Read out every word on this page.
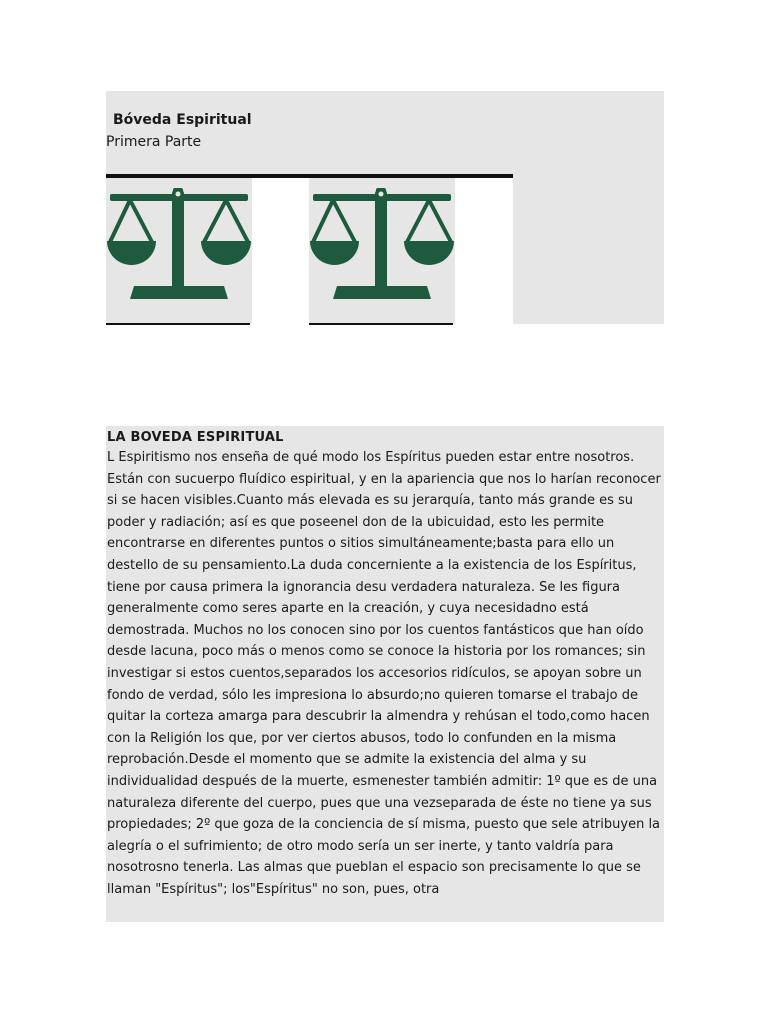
Bóveda Espiritual

Primera Parte

LA BOVEDA ESPIRITUAL

L Espiritismo nos enseña de qué modo los Espíritus pueden estar entre nosotros. Están con sucuerpo fluídico espiritual, y en la apariencia que nos lo harían reconocer si se hacen visibles.Cuanto más elevada es su jerarquía, tanto más grande es su poder y radiación; así es que poseenel don de la ubicuidad, esto les permite encontrarse en diferentes puntos o sitios simultáneamente;basta para ello un destello de su pensamiento.La duda concerniente a la existencia de los Espíritus, tiene por causa primera la ignorancia desu verdadera naturaleza. Se les figura generalmente como seres aparte en la creación, y cuya necesidadno está demostrada. Muchos no los conocen sino por los cuentos fantásticos que han oído desde lacuna, poco más o menos como se conoce la historia por los romances; sin investigar si estos cuentos,separados los accesorios ridículos, se apoyan sobre un fondo de verdad, sólo les impresiona lo absurdo;no quieren tomarse el trabajo de quitar la corteza amarga para descubrir la almendra y rehúsan el todo,como hacen con la Religión los que, por ver ciertos abusos, todo lo confunden en la misma reprobación.Desde el momento que se admite la existencia del alma y su individualidad después de la muerte, esmenester también admitir: 1º que es de una naturaleza diferente del cuerpo, pues que una vezseparada de éste no tiene ya sus propiedades; 2º que goza de la conciencia de sí misma, puesto que sele atribuyen la alegría o el sufrimiento; de otro modo sería un ser inerte, y tanto valdría para nosotrosno tenerla. Las almas que pueblan el espacio son precisamente lo que se llaman "Espíritus"; los"Espíritus" no son, pues, otra
